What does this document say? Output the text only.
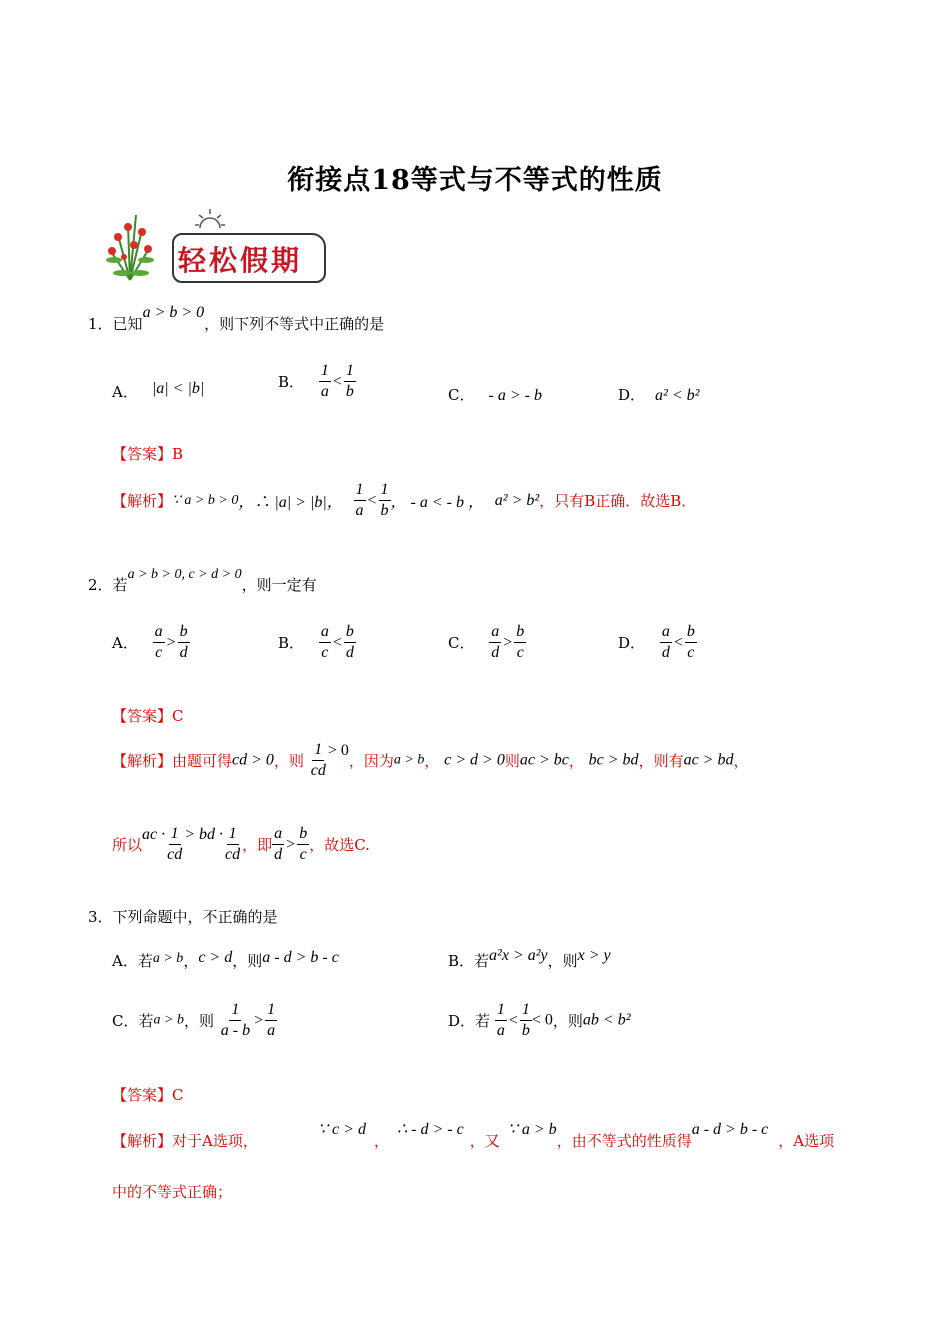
衔接点18等式与不等式的性质
轻松假期
1．已知a > b > 0，则下列不等式中正确的是
A． |a| < |b|	B． $\frac{1}{a} < \frac{1}{b}$	C． - a > - b	D． a² < b²
【答案】B
【解析】∵ a > b > 0，∴ |a| > |b|， $\frac{1}{a} < \frac{1}{b}$ ， - a < - b ， a² > b²，只有B正确．故选B．
2．若a > b > 0, c > d > 0，则一定有
A． $\frac{a}{c} > \frac{b}{d}$	B． $\frac{a}{c} < \frac{b}{d}$	C． $\frac{a}{d} > \frac{b}{c}$	D． $\frac{a}{d} < \frac{b}{c}$
【答案】C
【解析】由题可得cd > 0，则 $\frac{1}{cd} > 0$，因为a > b， c > d > 0则ac > bc， bc > bd，则有ac > bd，
所以ac · $\frac{1}{cd}$ > bd · $\frac{1}{cd}$ ，即 $\frac{a}{d} > \frac{b}{c}$ ，故选C.
3．下列命题中，不正确的是
A．若a > b，c > d，则a - d > b - c	B．若a²x > a²y，则x > y
C．若a > b，则 $\frac{1}{a - b} > \frac{1}{a}$	D．若 $\frac{1}{a} < \frac{1}{b} < 0$，则ab < b²
【答案】C
【解析】对于A选项，∵ c > d，∴ - d > - c，又∵ a > b，由不等式的性质得a - d > b - c，A选项
中的不等式正确；
